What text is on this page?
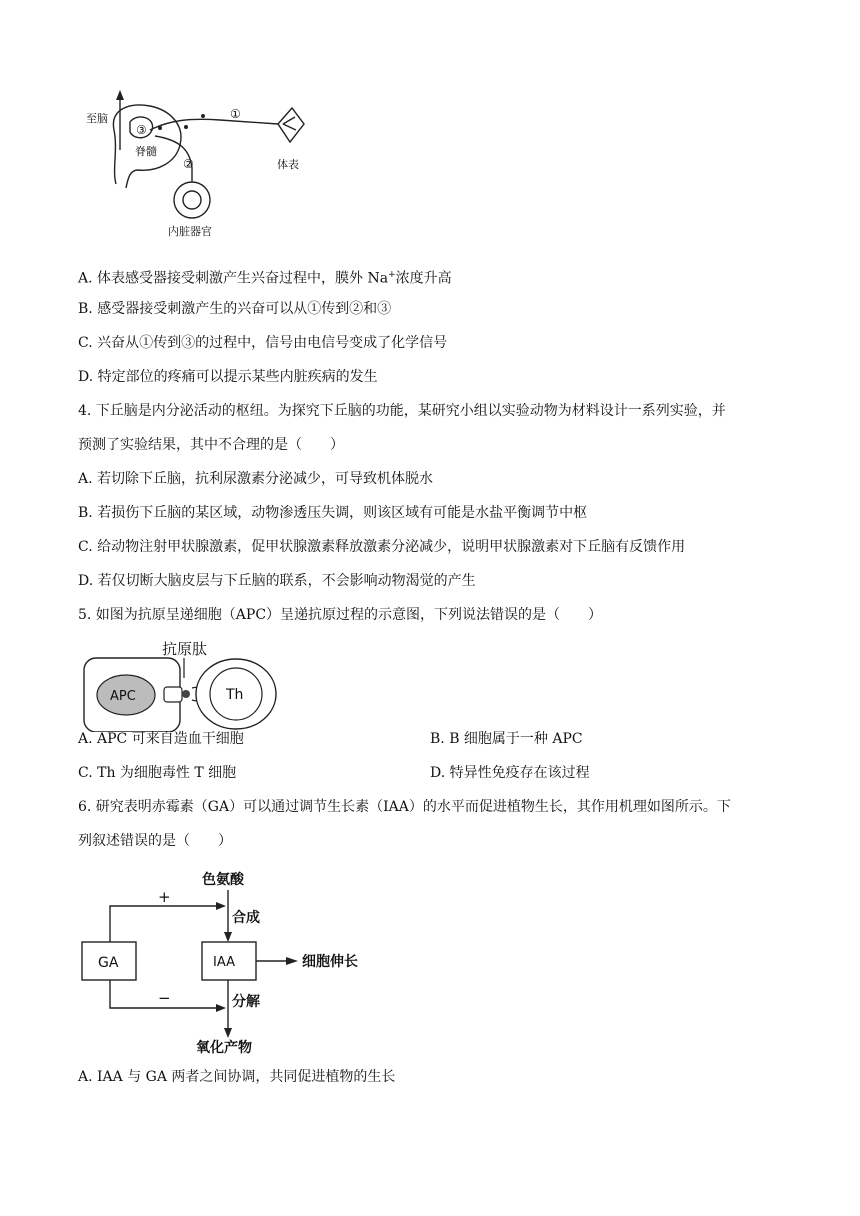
至脑
③
脊髓
①
②	体表
内脏器官
A. 体表感受器接受刺激产生兴奋过程中，膜外 Na+浓度升高
B. 感受器接受刺激产生的兴奋可以从①传到②和③
C. 兴奋从①传到③的过程中，信号由电信号变成了化学信号
D. 特定部位的疼痛可以提示某些内脏疾病的发生
4. 下丘脑是内分泌活动的枢纽。为探究下丘脑的功能，某研究小组以实验动物为材料设计一系列实验，并
预测了实验结果，其中不合理的是（　　）
A. 若切除下丘脑，抗利尿激素分泌减少，可导致机体脱水
B. 若损伤下丘脑的某区域，动物渗透压失调，则该区域有可能是水盐平衡调节中枢
C. 给动物注射甲状腺激素，促甲状腺激素释放激素分泌减少，说明甲状腺激素对下丘脑有反馈作用
D. 若仅切断大脑皮层与下丘脑的联系，不会影响动物渴觉的产生
5. 如图为抗原呈递细胞（APC）呈递抗原过程的示意图，下列说法错误的是（　　）
抗原肽
APC	Th
A. APC 可来自造血干细胞	B. B 细胞属于一种 APC
C. Th 为细胞毒性 T 细胞	D. 特异性免疫存在该过程
6. 研究表明赤霉素（GA）可以通过调节生长素（IAA）的水平而促进植物生长，其作用机理如图所示。下
列叙述错误的是（　　）
色氨酸
+
合成
GA	IAA	细胞伸长
−	分解
氧化产物
A. IAA 与 GA 两者之间协调，共同促进植物的生长
